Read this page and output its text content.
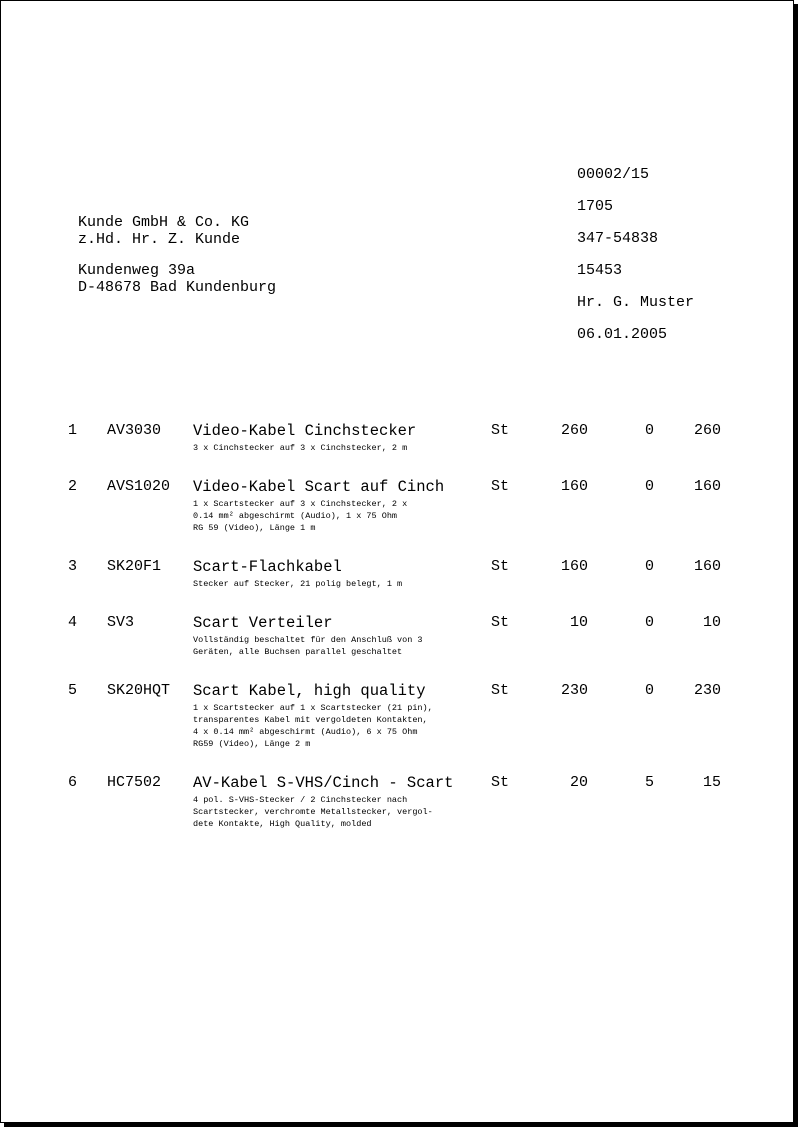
Kunde GmbH & Co. KG
z.Hd. Hr. Z. Kunde
Kundenweg 39a
D-48678 Bad Kundenburg
00002/15
1705
347-54838
15453
Hr. G. Muster
06.01.2005
1 AV3030 Video-Kabel Cinchstecker	St	260	0	260
3 x Cinchstecker auf 3 x Cinchstecker, 2 m
2 AVS1020 Video-Kabel Scart auf Cinch	St	160	0	160
1 x Scartstecker auf 3 x Cinchstecker, 2 x
0.14 mm² abgeschirmt (Audio), 1 x 75 Ohm
RG 59 (Video), Länge 1 m
3 SK20F1 Scart-Flachkabel	St	160	0	160
Stecker auf Stecker, 21 polig belegt, 1 m
4 SV3	Scart Verteiler	St	10	0	10
Vollständig beschaltet für den Anschluß von 3
Geräten, alle Buchsen parallel geschaltet
5 SK20HQT Scart Kabel, high quality	St	230	0	230
1 x Scartstecker auf 1 x Scartstecker (21 pin),
transparentes Kabel mit vergoldeten Kontakten,
4 x 0.14 mm² abgeschirmt (Audio), 6 x 75 Ohm
RG59 (Video), Länge 2 m
6 HC7502 AV-Kabel S-VHS/Cinch - Scart	St	20	5	15
4 pol. S-VHS-Stecker / 2 Cinchstecker nach
Scartstecker, verchromte Metallstecker, vergol-
dete Kontakte, High Quality, molded
